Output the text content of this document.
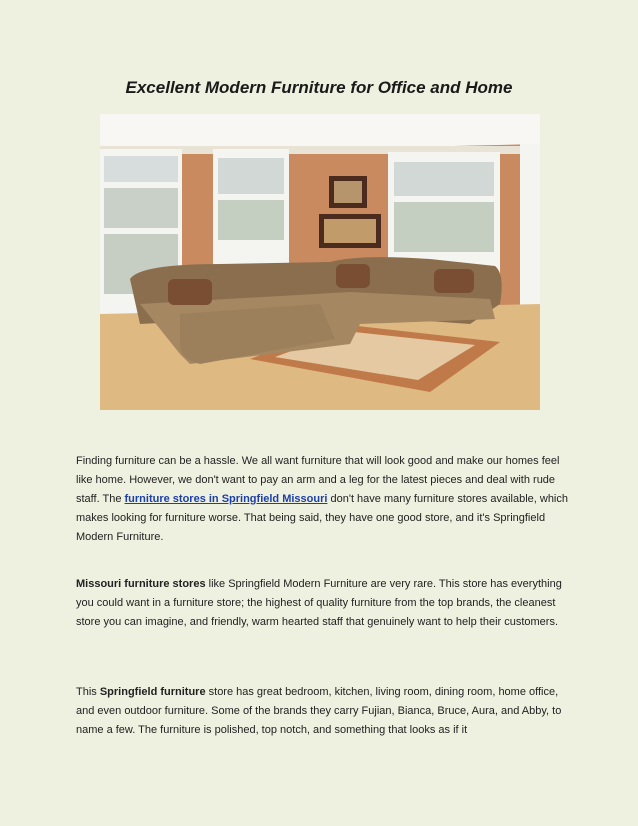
Excellent Modern Furniture for Office and Home

Finding furniture can be a hassle. We all want furniture that will look good and make our homes feel like home. However, we don't want to pay an arm and a leg for the latest pieces and deal with rude staff. The furniture stores in Springfield Missouri don't have many furniture stores available, which makes looking for furniture worse. That being said, they have one good store, and it's Springfield Modern Furniture.

Missouri furniture stores like Springfield Modern Furniture are very rare. This store has everything you could want in a furniture store; the highest of quality furniture from the top brands, the cleanest store you can imagine, and friendly, warm hearted staff that genuinely want to help their customers.

This Springfield furniture store has great bedroom, kitchen, living room, dining room, home office, and even outdoor furniture. Some of the brands they carry Fujian, Bianca, Bruce, Aura, and Abby, to name a few. The furniture is polished, top notch, and something that looks as if it
